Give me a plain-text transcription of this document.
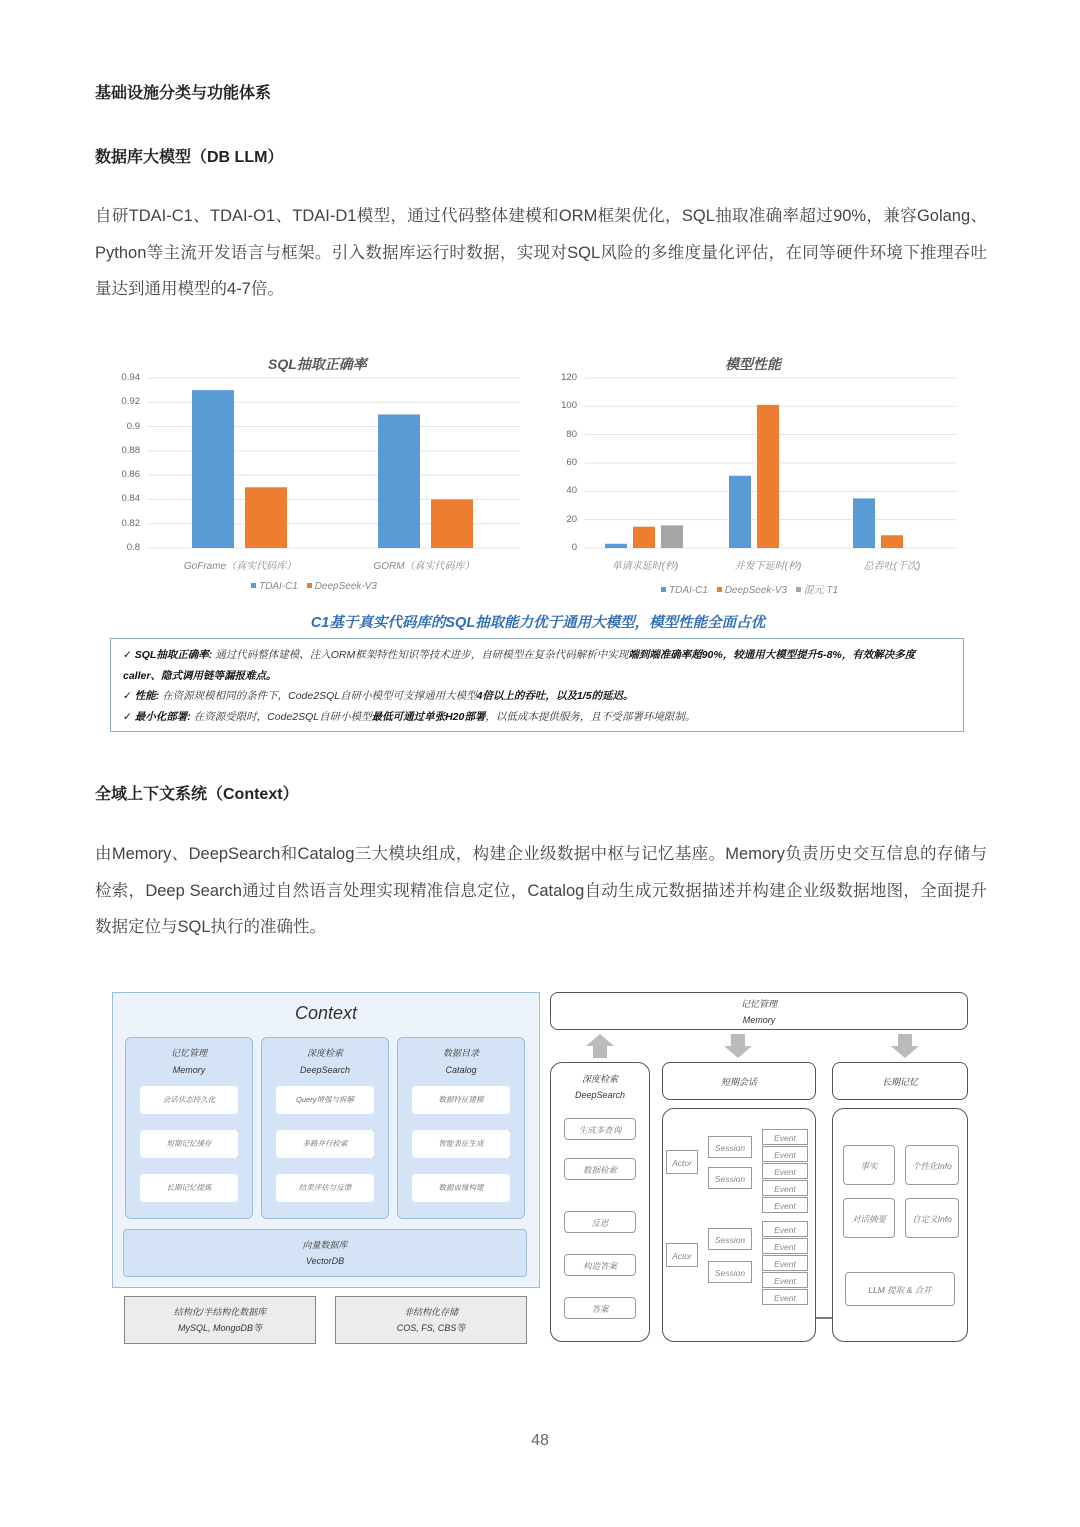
基础设施分类与功能体系
数据库大模型（DB LLM）
自研TDAI-C1、TDAI-O1、TDAI-D1模型，通过代码整体建模和ORM框架优化，SQL抽取准确率超过90%，兼容Golang、Python等主流开发语言与框架。引入数据库运行时数据，实现对SQL风险的多维度量化评估，在同等硬件环境下推理吞吐量达到通用模型的4-7倍。
SQL抽取正确率
0.94
0.92
0.9
0.88
0.86
0.84
0.82
0.8
GoFrame（真实代码库）	GORM（真实代码库）
TDAI-C1 DeepSeek-V3
模型性能
120
100
80
60
40
20
0
单请求延时(秒)	并发下延时(秒)	总吞吐(千次)
TDAI-C1 DeepSeek-V3 混元 T1
C1基于真实代码库的SQL抽取能力优于通用大模型，模型性能全面占优
✓ SQL抽取正确率: 通过代码整体建模、注入ORM框架特性知识等技术进步，自研模型在复杂代码解析中实现端到端准确率超90%，较通用大模型提升5-8%，有效解决多度caller、隐式调用链等漏报难点。
✓ 性能: 在资源规模相同的条件下，Code2SQL自研小模型可支撑通用大模型4倍以上的吞吐，以及1/5的延迟。
✓ 最小化部署: 在资源受限时，Code2SQL自研小模型最低可通过单张H20部署，以低成本提供服务，且不受部署环境限制。
全域上下文系统（Context）
由Memory、DeepSearch和Catalog三大模块组成，构建企业级数据中枢与记忆基座。Memory负责历史交互信息的存储与检索，Deep Search通过自然语言处理实现精准信息定位，Catalog自动生成元数据描述并构建企业级数据地图，全面提升数据定位与SQL执行的准确性。
Context
记忆管理
Memory
会话状态持久化
短期记忆缓存
长期记忆提炼
深度检索
DeepSearch
Query增强与拆解
多路并行检索
结果评估与反馈
数据目录
Catalog
数据特征建模
智能表征生成
数据血缘构建
向量数据库
VectorDB
结构化/半结构化数据库
MySQL, MongoDB等
非结构化存储
COS, FS, CBS等
记忆管理
Memory
深度检索
DeepSearch
生成多查询
数据检索
反思
构造答案
答案
短期会话
Actor
Session
Session
Event
Event
Event
Event
Event
Actor
Session
Session
Event
Event
Event
Event
Event
长期记忆
事实	个性化Info
对话摘要	自定义Info
LLM 提取 & 合并
48
